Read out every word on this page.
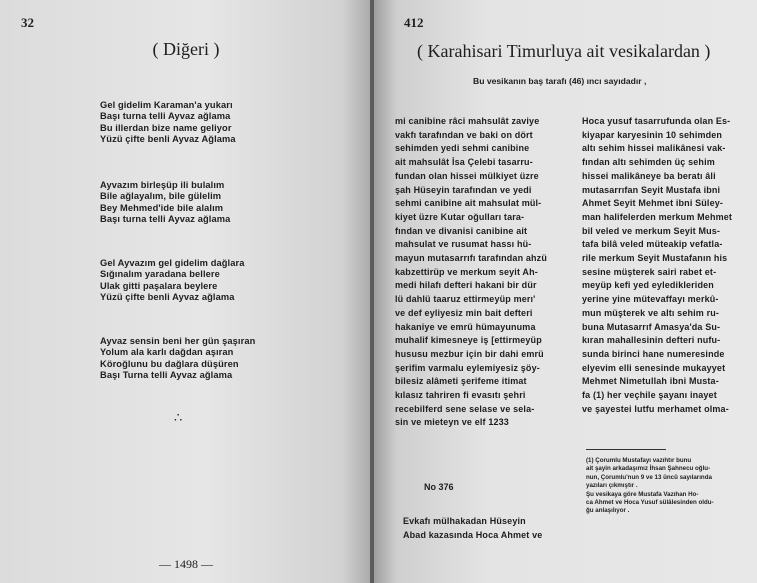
32
( Diğeri )

Gel gidelim Karaman'a yukarı

Başı turna telli Ayvaz ağlama

Bu illerdan bize name geliyor

Yüzü çifte benli Ayvaz Ağlama

Ayvazım birleşüp ili bulalım

Bile ağlayalım, bile gülelim

Bey Mehmed'ide bile alalım

Başı turna telli Ayvaz ağlama

Gel Ayvazım gel gidelim dağlara

Sığınalım yaradana bellere

Ulak gitti paşalara beylere

Yüzü çifte benli Ayvaz ağlama

Ayvaz sensin beni her gün şaşıran

Yolum ala karlı dağdan aşıran

Köroğlunu bu dağlara düşüren

Başı Turna telli Ayvaz ağlama

∴
— 1498 —
412
( Karahisari Timurluya ait vesikalardan )
Bu vesikanın baş tarafı (46) ıncı sayıdadır ,
mi canibine râci mahsulât zaviye
vakfı tarafından ve baki on dört
sehimden yedi sehmi canibine
ait mahsulât İsa Çelebi tasarru-
fundan olan hissei mülkiyet üzre
şah Hüseyin tarafından ve yedi
sehmi canibine ait mahsulat mül-
kiyet üzre Kutar oğulları tara-
fından ve divanisi canibine ait
mahsulat ve rusumat hassı hü-
mayun mutasarrıfı tarafından ahzü
kabzettirüp ve merkum seyit Ah-
medi hilafı defteri hakani bir dür
lü dahlü taaruz ettirmeyüp merı'
ve def eyliyesiz min bait defteri
hakaniye ve emrü hümayunuma
muhalif kimesneye iş [ettirmeyüp
hususu mezbur için bir dahi emrü
şerifim varmalu eylemiyesiz şöy-
bilesiz alâmeti şerifeme itimat
kılasız tahriren fi evasıtı şehri
recebilferd sene selase ve sela-
sin ve mieteyn ve elf 1233
Hoca yusuf tasarrufunda olan Es-
kiyapar karyesinin 10 sehimden
altı sehim hissei malikânesi vak-
fından altı sehimden üç sehim
hissei malikâneye ba beratı âli
mutasarrıfan Seyit Mustafa ibni
Ahmet Seyit Mehmet ibni Süley-
man halifelerden merkum Mehmet
bil veled ve merkum Seyit Mus-
tafa bilâ veled müteakip vefatla-
rile merkum Seyit Mustafanın his
sesine müşterek sairi rabet et-
meyüp kefi yed eyledikleriden
yerine yine mütevaffayı merkû-
mun müşterek ve altı sehim ru-
buna Mutasarrıf Amasya'da Su-
kıran mahallesinin defteri nufu-
sunda birinci hane numeresinde
elyevim elli senesinde mukayyet
Mehmet Nimetullah ibni Musta-
fa (1) her veçhile şayanı inayet
ve şayestei lutfu merhamet olma-
No 376
Evkafı mülhakadan Hüseyin
Abad kazasında Hoca Ahmet ve
(1) Çorumlu Mustafayı vazıhtır bunu
ait şayin arkadaşımız İhsan Şahnecu oğlu-
nun, Çorumlu'nun 9 ve 13 üncü sayılarında
yazıları çıkmıştır .
Şu vesikaya göre Mustafa Vazıhan Ho-
ca Ahmet ve Hoca Yusuf sülâlesinden oldu-
ğu anlaşılıyor .
